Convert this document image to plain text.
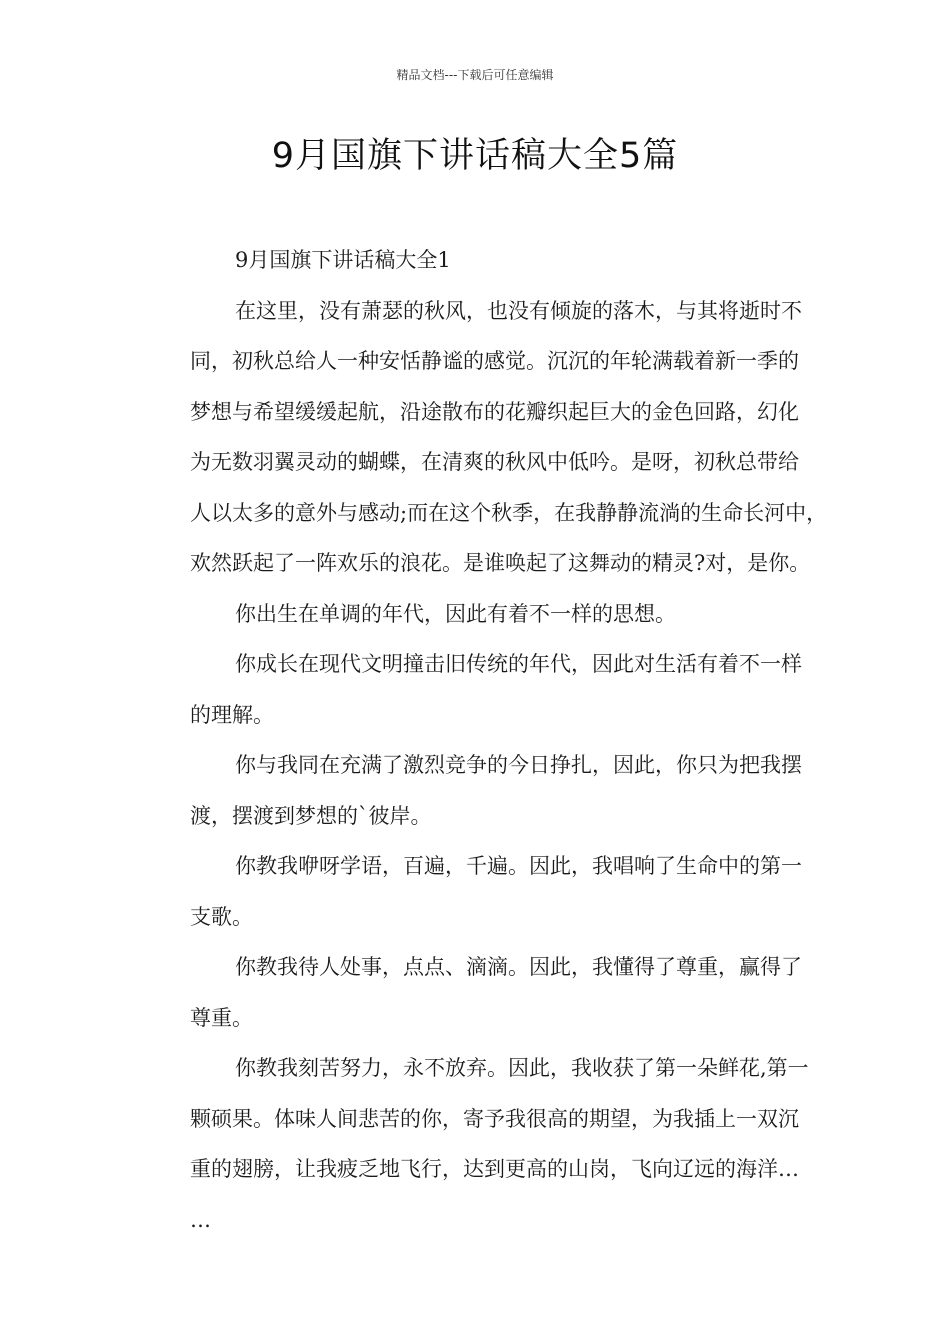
精品文档---下载后可任意编辑
9月国旗下讲话稿大全5篇
9月国旗下讲话稿大全1
在这里，没有萧瑟的秋风，也没有倾旋的落木，与其将逝时不
同，初秋总给人一种安恬静谧的感觉。沉沉的年轮满载着新一季的
梦想与希望缓缓起航，沿途散布的花瓣织起巨大的金色回路，幻化
为无数羽翼灵动的蝴蝶，在清爽的秋风中低吟。是呀，初秋总带给
人以太多的意外与感动;而在这个秋季，在我静静流淌的生命长河中，
欢然跃起了一阵欢乐的浪花。是谁唤起了这舞动的精灵?对，是你。
你出生在单调的年代，因此有着不一样的思想。
你成长在现代文明撞击旧传统的年代，因此对生活有着不一样
的理解。
你与我同在充满了激烈竞争的今日挣扎，因此，你只为把我摆
渡，摆渡到梦想的`彼岸。
你教我咿呀学语，百遍，千遍。因此，我唱响了生命中的第一
支歌。
你教我待人处事，点点、滴滴。因此，我懂得了尊重，赢得了
尊重。
你教我刻苦努力，永不放弃。因此，我收获了第一朵鲜花,第一
颗硕果。体味人间悲苦的你，寄予我很高的期望，为我插上一双沉
重的翅膀，让我疲乏地飞行，达到更高的山岗，飞向辽远的海洋…
…
